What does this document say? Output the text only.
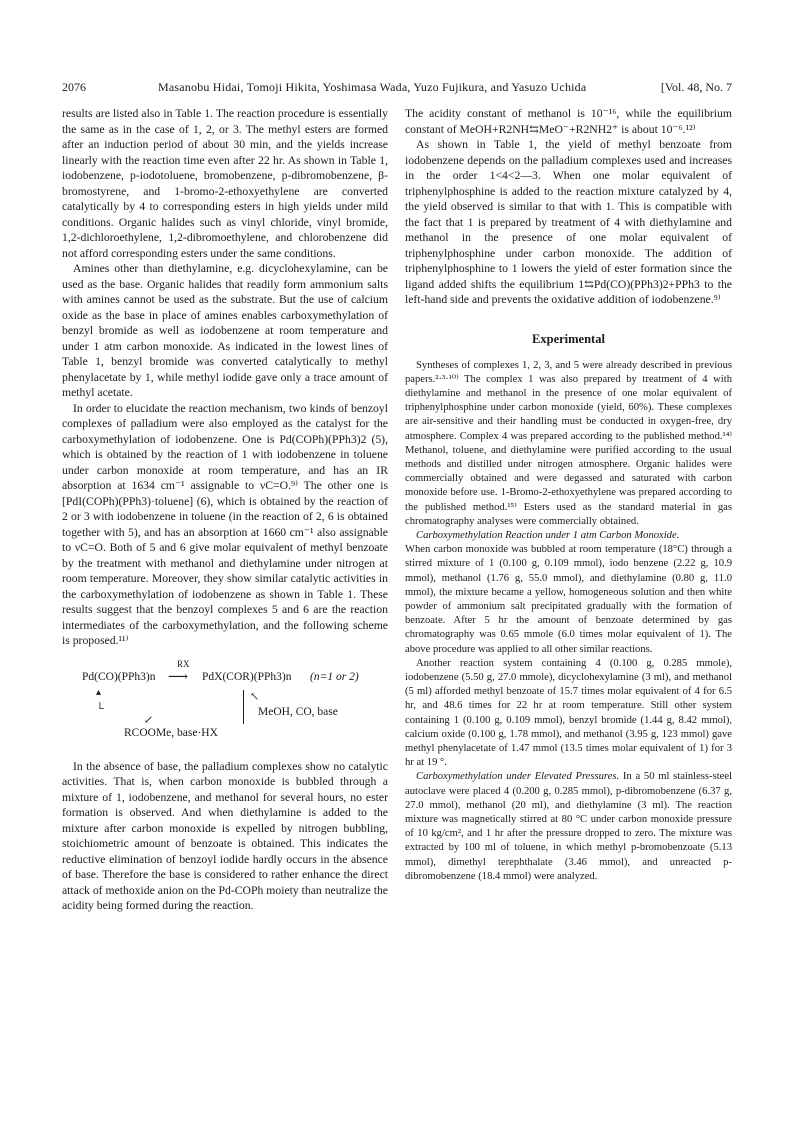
2076	Masanobu Hidai, Tomoji Hikita, Yoshimasa Wada, Yuzo Fujikura, and Yasuzo Uchida	[Vol. 48, No. 7

results are listed also in Table 1. The reaction procedure is essentially the same as in the case of 1, 2, or 3. The methyl esters are formed after an induction period of about 30 min, and the yields increase linearly with the reaction time even after 22 hr. As shown in Table 1, iodobenzene, p-iodotoluene, bromobenzene, p-dibromobenzene, β-bromostyrene, and 1-bromo-2-ethoxyethylene are converted catalytically by 4 to corresponding esters in high yields under mild conditions. Organic halides such as vinyl chloride, vinyl bromide, 1,2-dichloroethylene, 1,2-dibromoethylene, and chlorobenzene did not afford corresponding esters under the same conditions.

Amines other than diethylamine, e.g. dicyclohexylamine, can be used as the base. Organic halides that readily form ammonium salts with amines cannot be used as the substrate. But the use of calcium oxide as the base in place of amines enables carboxymethylation of benzyl bromide as well as iodobenzene at room temperature and under 1 atm carbon monoxide. As indicated in the lowest lines of Table 1, benzyl bromide was converted catalytically to methyl phenylacetate by 1, while methyl iodide gave only a trace amount of methyl acetate.

In order to elucidate the reaction mechanism, two kinds of benzoyl complexes of palladium were also employed as the catalyst for the carboxymethylation of iodobenzene. One is Pd(COPh)(PPh3)2 (5), which is obtained by the reaction of 1 with iodobenzene in toluene under carbon monoxide at room temperature, and has an IR absorption at 1634 cm⁻¹ assignable to νC=O.⁹⁾ The other one is [PdI(COPh)(PPh3)·toluene] (6), which is obtained by the reaction of 2 or 3 with iodobenzene in toluene (in the reaction of 2, 6 is obtained together with 5), and has an absorption at 1660 cm⁻¹ also assignable to νC=O. Both of 5 and 6 give molar equivalent of methyl benzoate by the treatment with methanol and diethylamine under nitrogen at room temperature. Moreover, they show similar catalytic activities in the carboxymethylation of iodobenzene as shown in Table 1. These results suggest that the benzoyl complexes 5 and 6 are the reaction intermediates of the carboxymethylation, and the following scheme is proposed.¹¹⁾

Pd(CO)(PPh3)n
RX
⟶ PdX(COR)(PPh3)n (n=1 or 2)
▴	↖
MeOH, CO, base
└
↙
RCOOMe, base·HX

In the absence of base, the palladium complexes show no catalytic activities. That is, when carbon monoxide is bubbled through a mixture of 1, iodobenzene, and methanol for several hours, no ester formation is observed. And when diethylamine is added to the mixture after carbon monoxide is expelled by nitrogen bubbling, stoichiometric amount of benzoate is obtained. This indicates the reductive elimination of benzoyl iodide hardly occurs in the absence of base. Therefore the base is considered to rather enhance the direct attack of methoxide anion on the Pd-COPh moiety than neutralize the acidity being formed during the reaction.

The acidity constant of methanol is 10⁻¹⁶, while the equilibrium constant of MeOH+R2NH⇆MeO⁻+R2NH2⁺ is about 10⁻⁶.¹²⁾

As shown in Table 1, the yield of methyl benzoate from iodobenzene depends on the palladium complexes used and increases in the order 1<4<2—3. When one molar equivalent of triphenylphosphine is added to the reaction mixture catalyzed by 4, the yield observed is similar to that with 1. This is compatible with the fact that 1 is prepared by treatment of 4 with diethylamine and methanol in the presence of one molar equivalent of triphenylphosphine under carbon monoxide. The addition of triphenylphosphine to 1 lowers the yield of ester formation since the ligand added shifts the equilibrium 1⇆Pd(CO)(PPh3)2+PPh3 to the left-hand side and prevents the oxidative addition of iodobenzene.⁹⁾

Experimental

Syntheses of complexes 1, 2, 3, and 5 were already described in previous papers.²·³·¹⁰⁾ The complex 1 was also prepared by treatment of 4 with diethylamine and methanol in the presence of one molar equivalent of triphenylphosphine under carbon monoxide (yield, 60%). These complexes are air-sensitive and their handling must be conducted in oxygen-free, dry atmosphere. Complex 4 was prepared according to the published method.¹⁴⁾ Methanol, toluene, and diethylamine were purified according to the usual methods and distilled under nitrogen atmosphere. Organic halides were commercially obtained and were degassed and saturated with carbon monoxide before use. 1-Bromo-2-ethoxyethylene was prepared according to the published method.¹⁵⁾ Esters used as the standard material in gas chromatography analyses were commercially obtained.

Carboxymethylation Reaction under 1 atm Carbon Monoxide.

When carbon monoxide was bubbled at room temperature (18°C) through a stirred mixture of 1 (0.100 g, 0.109 mmol), iodo benzene (2.22 g, 10.9 mmol), methanol (1.76 g, 55.0 mmol), and diethylamine (0.80 g, 11.0 mmol), the mixture became a yellow, homogeneous solution and then white powder of ammonium salt precipitated gradually with the formation of benzoate. After 5 hr the amount of benzoate determined by gas chromatography was 0.65 mmole (6.0 times molar equivalent of 1). The above procedure was applied to all other similar reactions.

Another reaction system containing 4 (0.100 g, 0.285 mmole), iodobenzene (5.50 g, 27.0 mmole), dicyclohexylamine (3 ml), and methanol (5 ml) afforded methyl benzoate of 15.7 times molar equivalent of 4 for 6.5 hr, and 48.6 times for 22 hr at room temperature. Still other system containing 1 (0.100 g, 0.109 mmol), benzyl bromide (1.44 g, 8.42 mmol), calcium oxide (0.100 g, 1.78 mmol), and methanol (3.95 g, 123 mmol) gave methyl phenylacetate of 1.47 mmol (13.5 times molar equivalent of 1) for 3 hr at 19 °.

Carboxymethylation under Elevated Pressures. In a 50 ml stainless-steel autoclave were placed 4 (0.200 g, 0.285 mmol), p-dibromobenzene (6.37 g, 27.0 mmol), methanol (20 ml), and diethylamine (3 ml). The reaction mixture was magnetically stirred at 80 °C under carbon monoxide pressure of 10 kg/cm², and 1 hr after the pressure dropped to zero. The mixture was extracted by 100 ml of toluene, in which methyl p-bromobenzoate (5.13 mmol), dimethyl terephthalate (3.46 mmol), and unreacted p-dibromobenzene (18.4 mmol) were analyzed.
